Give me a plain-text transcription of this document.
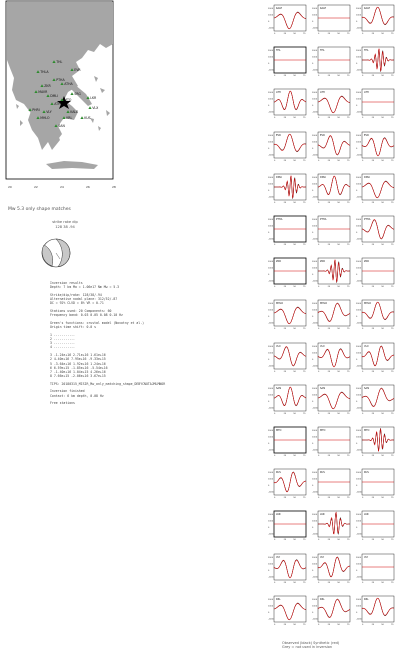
THL
EVR
THLA
PTHA
ATHA
ZKR
MAVR	SRG
DMLI
MTO
ATH
LKR
VLX
PHRI VLY	KALE
KRL
MHLO
SAN
KUS
20	22	24	26	28
Mw 5.3 only shape matches
strike rake dip
128 38 -94
Inversion results
Depth: 7 km Mo = 1.06e17 Nm Mw = 5.3
Strike/dip/rake: 128/38/-94
Alternative nodal plane: 312/52/-87
DC = 92% CLVD = 8% VR = 0.71
Stations used: 20 Components: 60
Frequency band: 0.03 0.05 0.08 0.10 Hz
Green's functions: crustal model (Novotny et al.)
Origin time shift: 0.0 s
1 ...........
2 ...........
3 ...........
4 ...........
3 -1.24e+16 2.71e+16 1.61e+16
2 4.40e+16 7.95e+16 -9.33e+15
5 -3.64e+16 1.92e+16 1.24e+16
6 6.59e+15 -1.85e+16 -5.54e+16
7 -1.40e+16 1.04e+15 4.26e+16
8 7.66e+15 -2.06e+16 3.67e+15
TIPS: 20180315_MISIR_Mw_only_matching_shape_DEBYCNOTAJMLMNOR
Inversion finished
Contact: 6 km depth, 0.08 Hz
Free stations
2000
1000
0
-1000
0	25	50	75
KALE	2000
1000
0
-1000
0	25	50	75
KALE	2000
1000
0
-1000
0	25	50	75
KALE
2000
1000
0
-1000
0	25	50	75
THL	2000
1000
0
-1000
0	25	50	75
THL	2000
1000
0
-1000
0	25	50	75
THL
2000
1000
0
-1000
0	25	50	75
ATH	2000
1000
0
-1000
0	25	50	75
ATH	2000
1000
0
-1000
0	25	50	75
ATH
2000
1000
0
-1000
0	25	50	75
EVR	2000
1000
0
-1000
0	25	50	75
EVR	2000
1000
0
-1000
0	25	50	75
EVR
2000
1000
0
-1000
0	25	50	75
DMLI	2000
1000
0
-1000
0	25	50	75
DMLI	2000
1000
0
-1000
0	25	50	75
DMLI
2000
1000
0
-1000
0	25	50	75
PTHA	2000
1000
0
-1000
0	25	50	75
PTHA	2000
1000
0
-1000
0	25	50	75
PTHA
2000
1000
0
-1000
0	25	50	75
ZKR	2000
1000
0
-1000
0	25	50	75
ZKR	2000
1000
0
-1000
0	25	50	75
ZKR
2000
1000
0
-1000
0	25	50	75
MHLO	2000
1000
0
-1000
0	25	50	75
MHLO	2000
1000
0
-1000
0	25	50	75
MHLO
2000
1000
0
-1000
0	25	50	75
VLX	2000
1000
0
-1000
0	25	50	75
VLX	2000
1000
0
-1000
0	25	50	75
VLX
2000
1000
0
-1000
0	25	50	75
SAN	2000
1000
0
-1000
0	25	50	75
SAN	2000
1000
0
-1000
0	25	50	75
SAN
2000
1000
0
-1000
0	25	50	75
MTO	2000
1000
0
-1000
0	25	50	75
MTO	2000
1000
0
-1000
0	25	50	75
MTO
2000
1000
0
-1000
0	25	50	75
KUS	2000
1000
0
-1000
0	25	50	75
KUS	2000
1000
0
-1000
0	25	50	75
KUS
2000
1000
0
-1000
0	25	50	75
LKR	2000
1000
0
-1000
0	25	50	75
LKR	2000
1000
0
-1000
0	25	50	75
LKR
2000
1000
0
-1000
0	25	50	75
VLY	2000
1000
0
-1000
0	25	50	75
VLY	2000
1000
0
-1000
0	25	50	75
VLY
2000
1000
0
-1000
0	25	50	75
KRL	2000
1000
0
-1000
0	25	50	75
KRL	2000
1000
0
-1000
0	25	50	75
KRL
Observed (black) Synthetic (red)
Grey = not used in inversion
